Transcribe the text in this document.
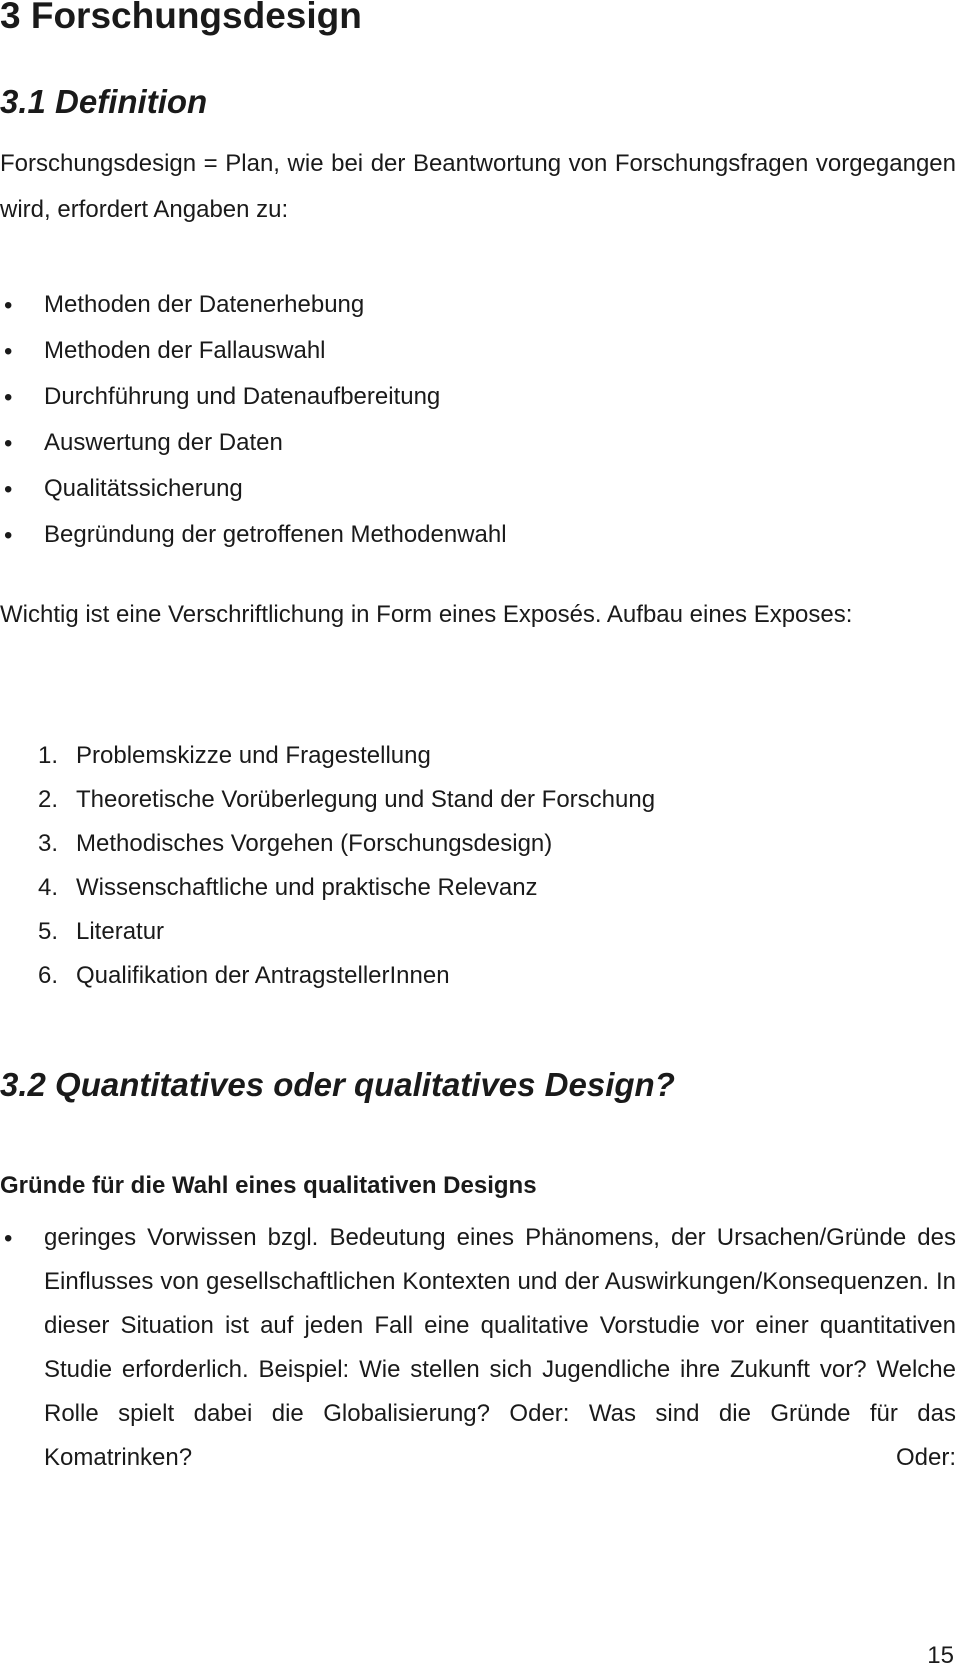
3 Forschungsdesign
3.1 Definition

Forschungsdesign = Plan, wie bei der Beantwortung von Forschungsfragen vorgegangen wird, erfordert Angaben zu:

• Methoden der Datenerhebung
• Methoden der Fallauswahl
• Durchführung und Datenaufbereitung
• Auswertung der Daten
• Qualitätssicherung
• Begründung der getroffenen Methodenwahl

Wichtig ist eine Verschriftlichung in Form eines Exposés. Aufbau eines Exposes:

1. Problemskizze und Fragestellung
2. Theoretische Vorüberlegung und Stand der Forschung
3. Methodisches Vorgehen (Forschungsdesign)
4. Wissenschaftliche und praktische Relevanz
5. Literatur
6. Qualifikation der AntragstellerInnen
3.2 Quantitatives oder qualitatives Design?
Gründe für die Wahl eines qualitativen Designs
• geringes Vorwissen bzgl. Bedeutung eines Phänomens, der Ursachen/Gründe des Einflusses von gesellschaftlichen Kontexten und der Auswirkungen/Konsequenzen. In dieser Situation ist auf jeden Fall eine qualitative Vorstudie vor einer quantitativen Studie erforderlich. Beispiel: Wie stellen sich Jugendliche ihre Zukunft vor? Welche Rolle spielt dabei die Globalisierung? Oder: Was sind die Gründe für das Komatrinken? Oder:

15
